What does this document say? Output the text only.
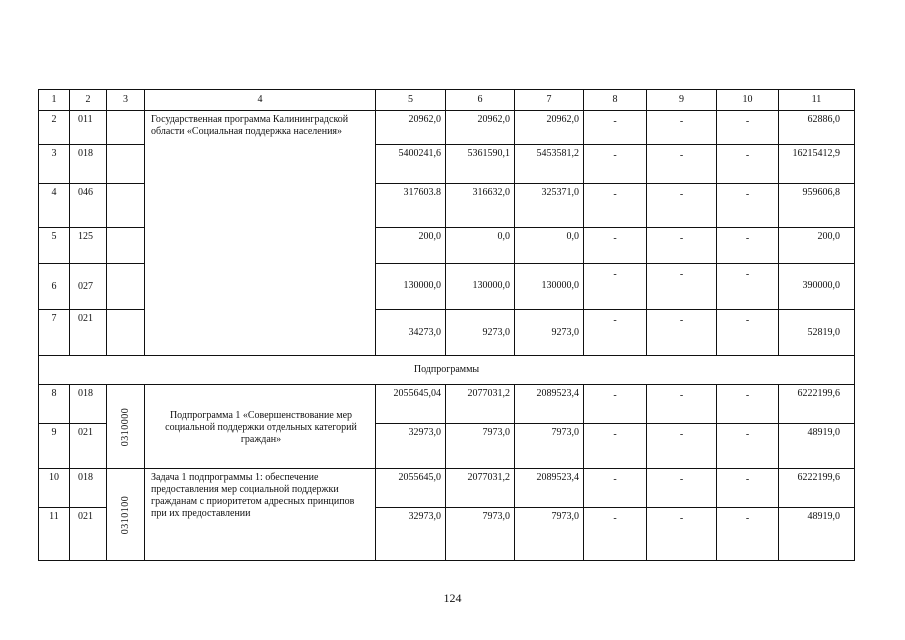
1	2	3	4	5	6	7	8	9	10	11
2	011		Государственная программа Калининградской области «Социальная поддержка населения»	20962,0	20962,0	20962,0	-	-	-	62886,0
3	018			5400241,6	5361590,1	5453581,2	-	-	-	16215412,9
4	046			317603.8	316632,0	325371,0	-	-	-	959606,8
5	125			200,0	0,0	0,0	-	-	-	200,0
6	027			130000,0	130000,0	130000,0	-	-	-	390000,0
7	021			34273,0	9273,0	9273,0	-	-	-	52819,0
Подпрограммы										
8	018	0310000	Подпрограмма 1 «Совершенствование мер социальной поддержки отдельных категорий граждан»	2055645,04	2077031,2	2089523,4	-	-	-	6222199,6
9	021			32973,0	7973,0	7973,0	-	-	-	48919,0
10	018	0310100	Задача 1 подпрограммы 1: обеспечение предоставления мер социальной поддержки гражданам с приоритетом адресных принципов при их предоставлении	2055645,0	2077031,2	2089523,4	-	-	-	6222199,6
11	021			32973,0	7973,0	7973,0	-	-	-	48919,0
124
